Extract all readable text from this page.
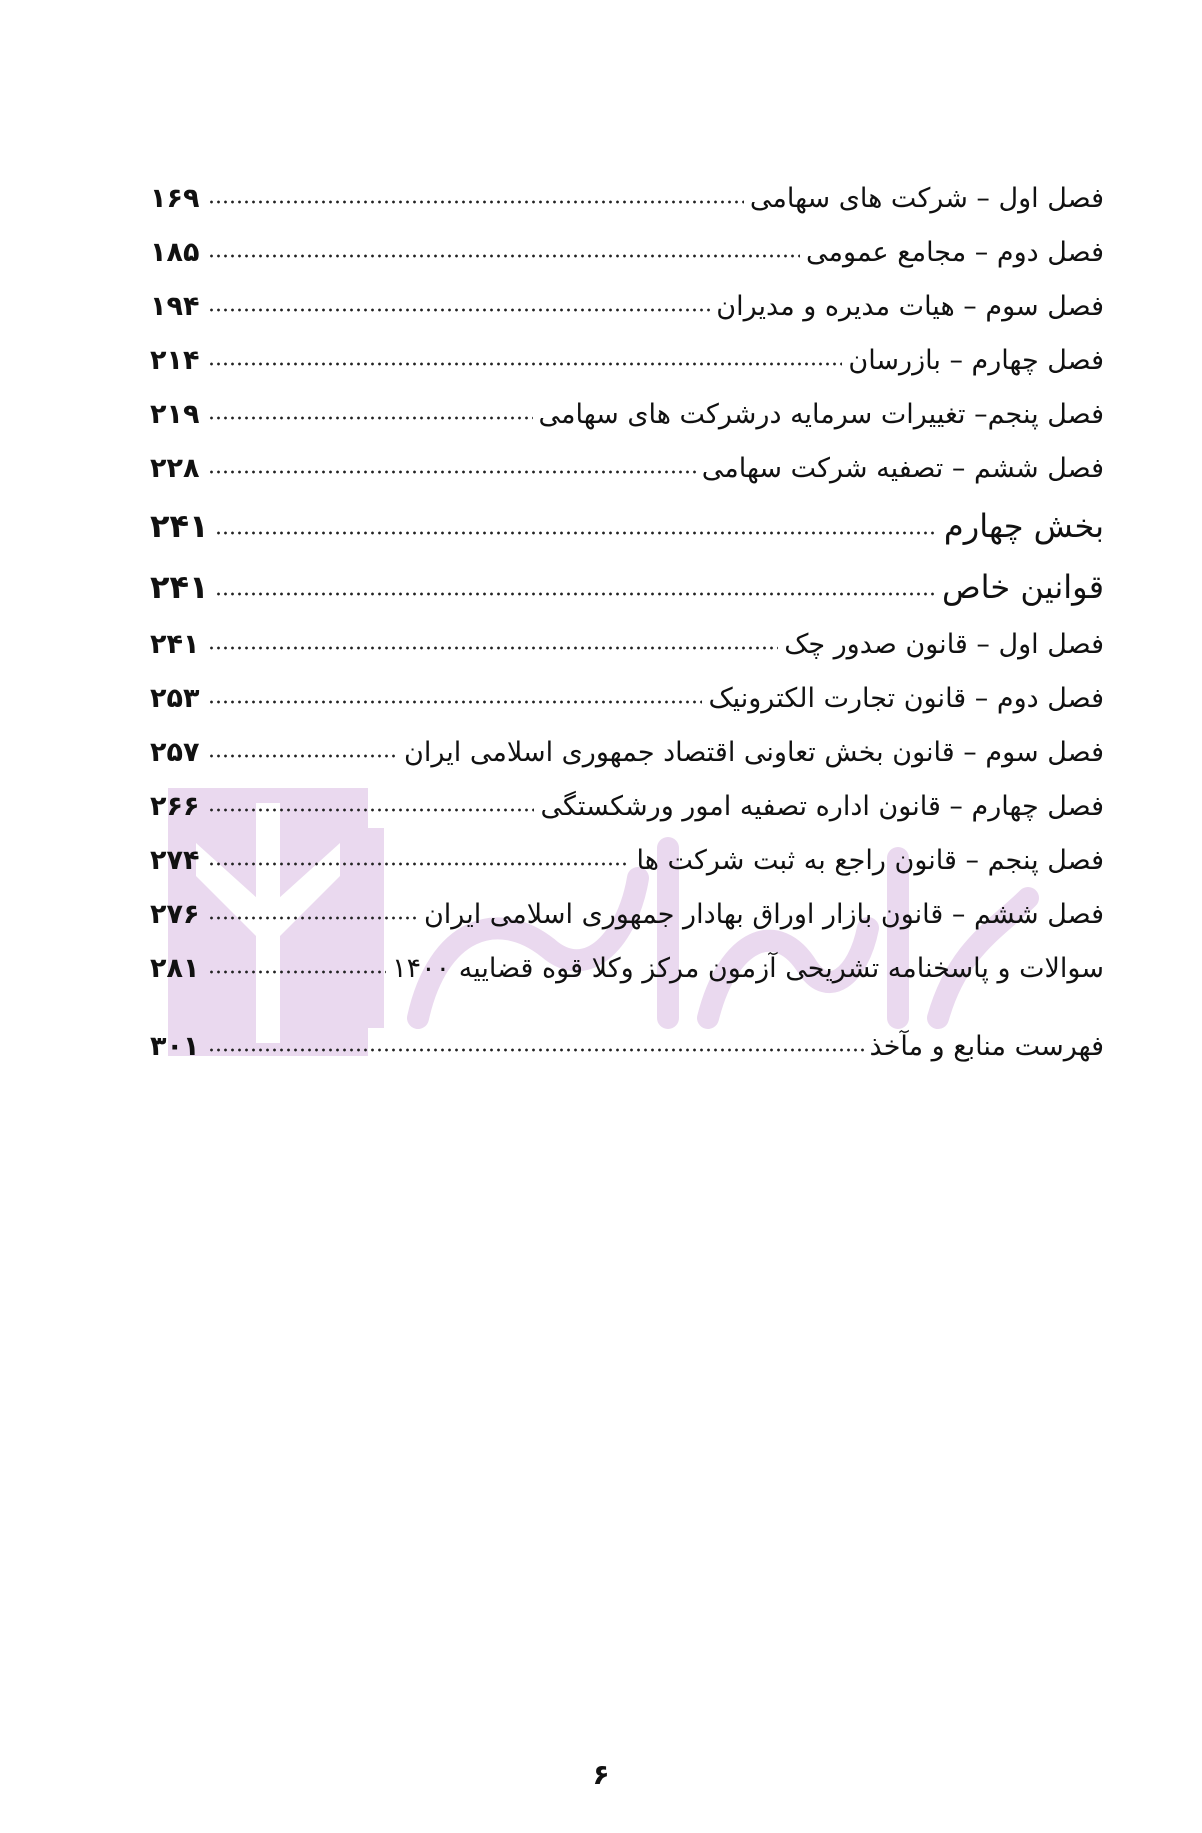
فصل اول – شرکت های سهامی
۱۶۹
فصل دوم – مجامع عمومی
۱۸۵
فصل سوم – هیات مدیره و مدیران
۱۹۴
فصل چهارم – بازرسان
۲۱۴
فصل پنجم– تغییرات سرمایه درشرکت های سهامی
۲۱۹
فصل ششم – تصفیه شرکت سهامی
۲۲۸
بخش چهارم
۲۴۱
قوانین خاص
۲۴۱
فصل اول – قانون صدور چک
۲۴۱
فصل دوم – قانون تجارت الکترونیک
۲۵۳
فصل سوم – قانون بخش تعاونی اقتصاد جمهوری اسلامی ایران
۲۵۷
فصل چهارم – قانون اداره تصفیه امور ورشکستگی
۲۶۶
فصل پنجم – قانون راجع به ثبت شرکت ها
۲۷۴
فصل ششم – قانون بازار اوراق بهادار جمهوری اسلامی ایران
۲۷۶
سوالات و پاسخنامه تشریحی آزمون مرکز وکلا قوه قضاییه ۱۴۰۰
۲۸۱
فهرست منابع و مآخذ
۳۰۱
۶
